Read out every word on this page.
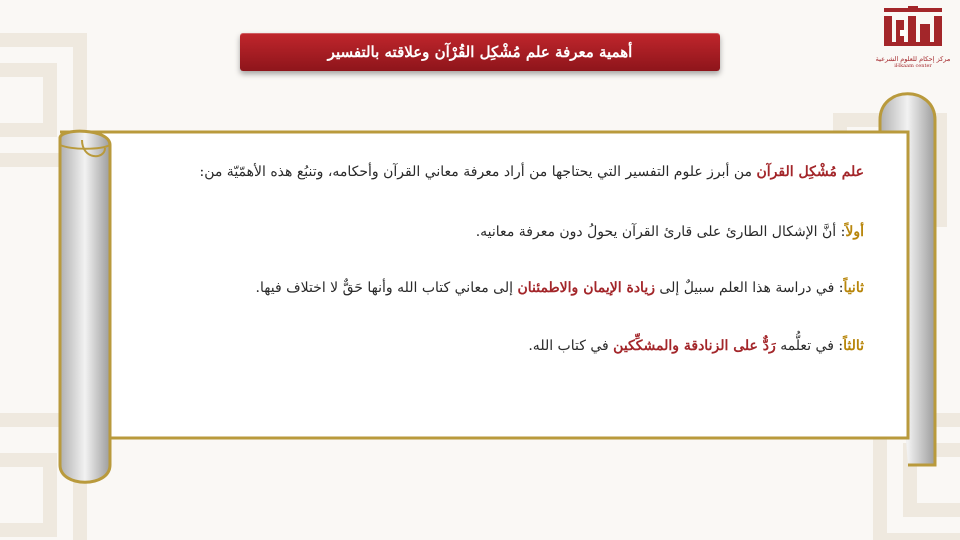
أهمية معرفة علم مُشْكِل القُرْآن وعلاقته بالتفسير	مركز إحكام للعلوم الشرعية
iHkaam center
علم مُشْكِل القرآن من أبرز علوم التفسير التي يحتاجها من أراد معرفة معاني القرآن وأحكامه، وتنبُع هذه الأهمّيّة من:
أولاً: أنَّ الإشكال الطارئ على قارئ القرآن يحولُ دون معرفة معانيه.
ثانياً: في دراسة هذا العلم سبيلٌ إلى زيادة الإيمان والاطمئنان إلى معاني كتاب الله وأنها حَقٌّ لا اختلاف فيها.
ثالثاً: في تعلُّمه رَدٌّ على الزنادقة والمشكِّكين في كتاب الله.
